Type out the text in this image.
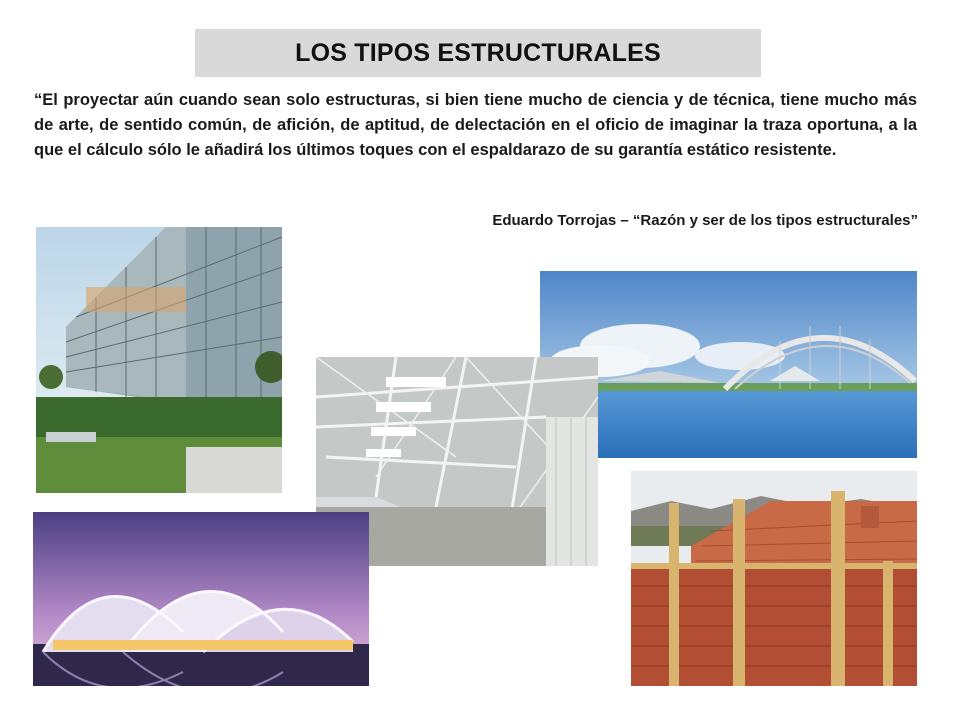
LOS TIPOS ESTRUCTURALES

“El proyectar aún cuando sean solo estructuras, si bien tiene mucho de ciencia y de técnica, tiene mucho más de arte, de sentido común, de afición, de aptitud, de delectación en el oficio de imaginar la traza oportuna, a la que el cálculo sólo le añadirá los últimos toques con el espaldarazo de su garantía estático resistente.

Eduardo Torrojas – “Razón y ser de los tipos estructurales”
